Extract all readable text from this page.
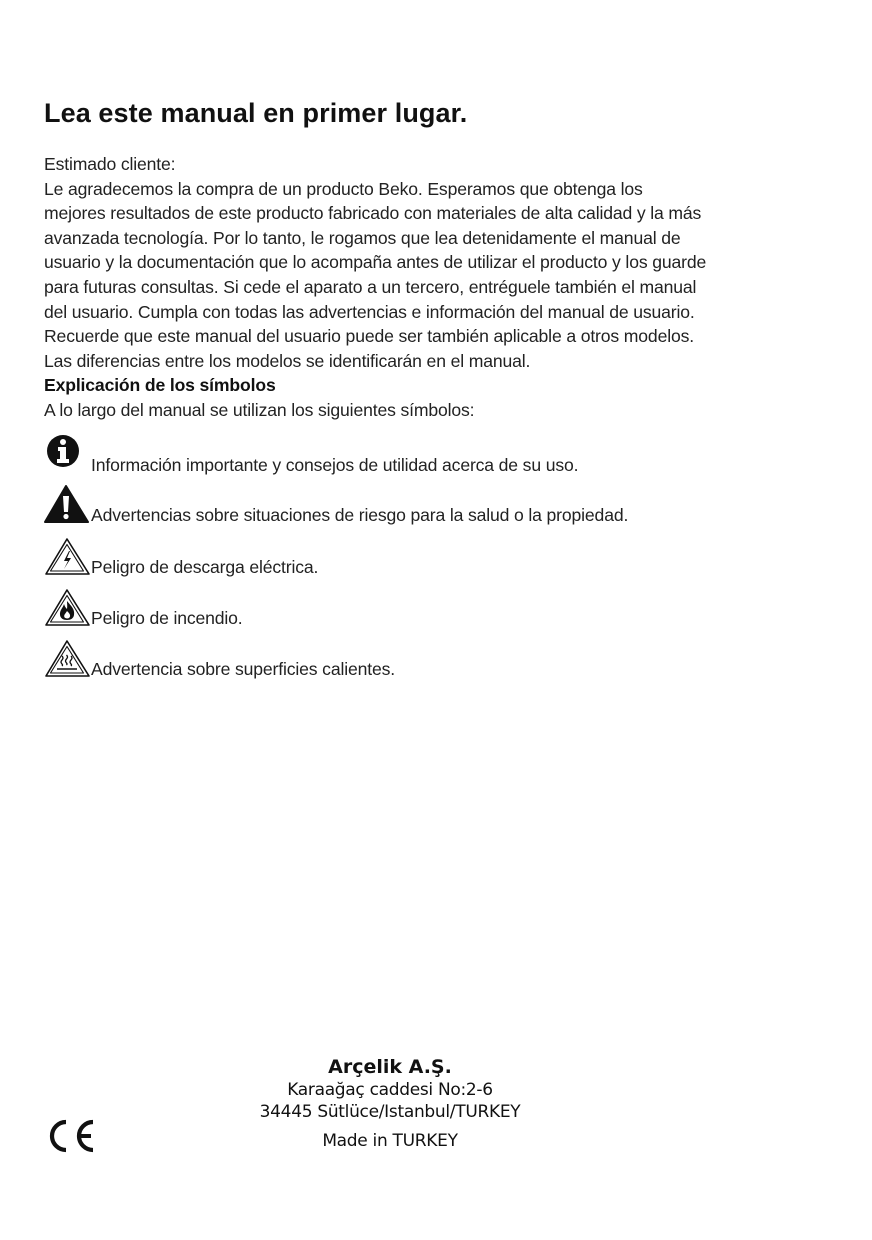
Lea este manual en primer lugar.

Estimado cliente:
Le agradecemos la compra de un producto Beko. Esperamos que obtenga los
mejores resultados de este producto fabricado con materiales de alta calidad y la más
avanzada tecnología. Por lo tanto, le rogamos que lea detenidamente el manual de
usuario y la documentación que lo acompaña antes de utilizar el producto y los guarde
para futuras consultas. Si cede el aparato a un tercero, entréguele también el manual
del usuario. Cumpla con todas las advertencias e información del manual de usuario.
Recuerde que este manual del usuario puede ser también aplicable a otros modelos.
Las diferencias entre los modelos se identificarán en el manual.

Explicación de los símbolos

A lo largo del manual se utilizan los siguientes símbolos:

Información importante y consejos de utilidad acerca de su uso.
Advertencias sobre situaciones de riesgo para la salud o la propiedad.
Peligro de descarga eléctrica.
Peligro de incendio.
Advertencia sobre superficies calientes.
Arçelik A.Ş.
Karaağaç caddesi No:2-6
34445 Sütlüce/Istanbul/TURKEY
Made in TURKEY
